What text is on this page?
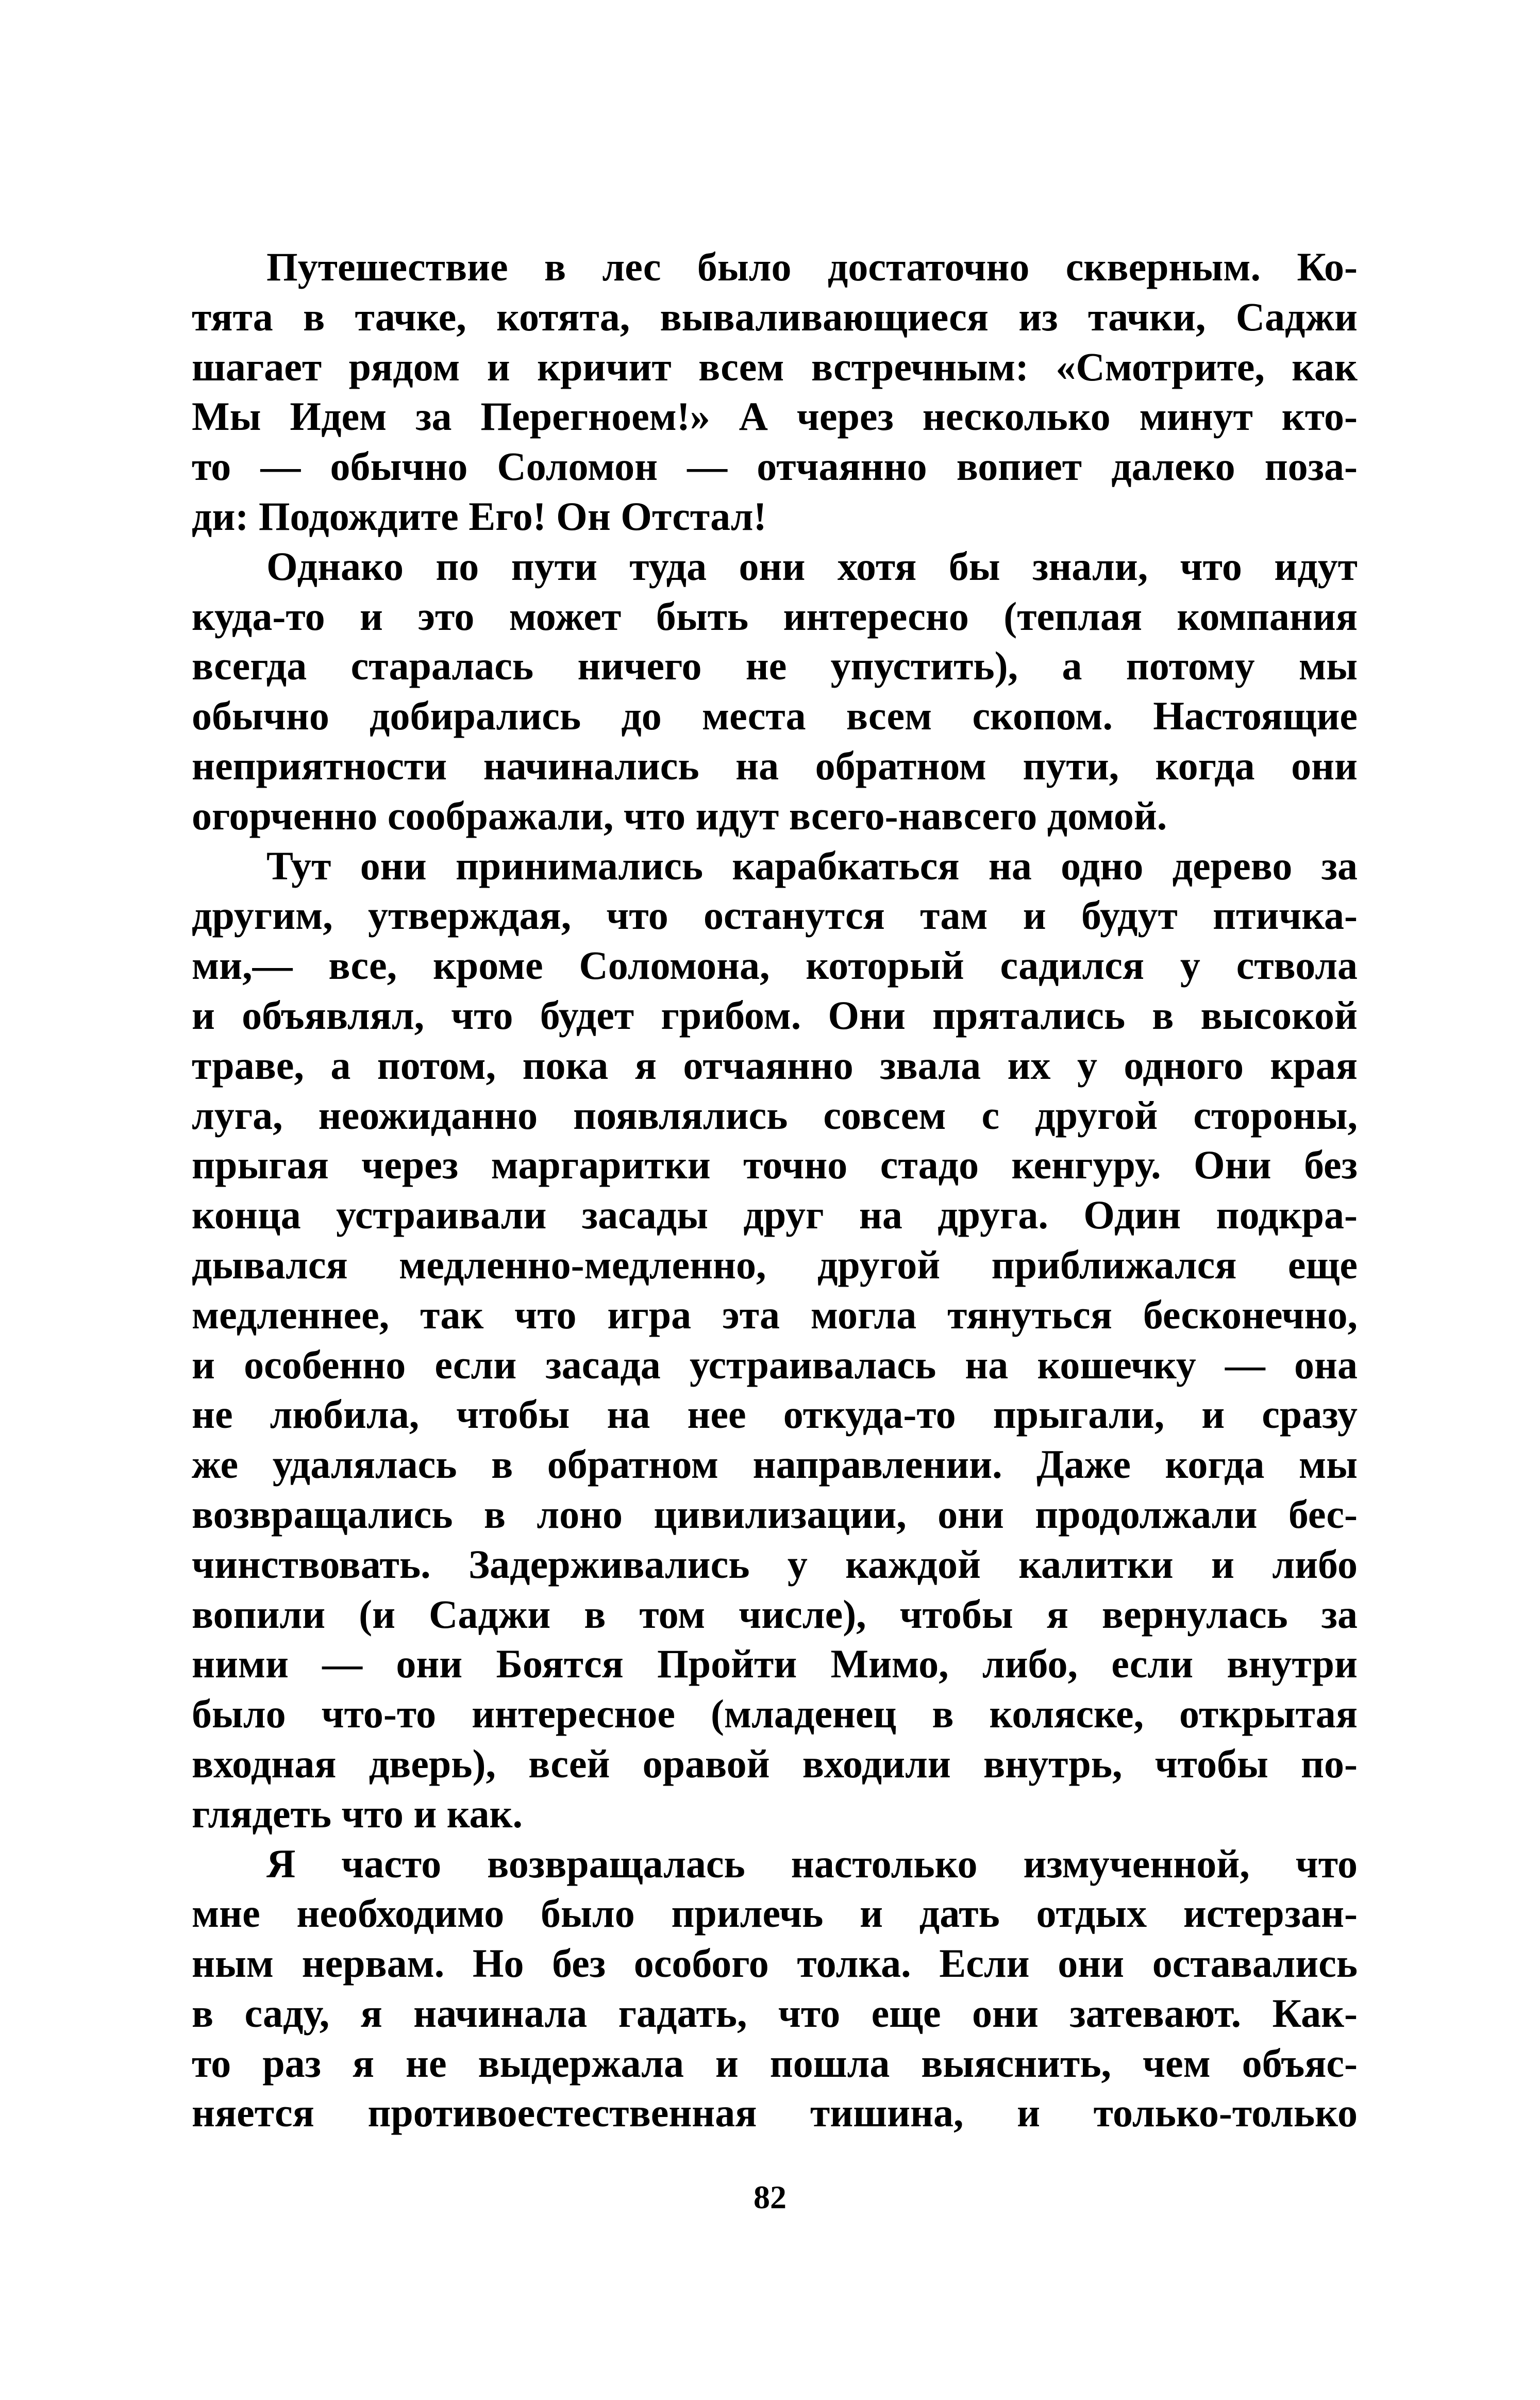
Путешествие в лес было достаточно скверным. Ко-
тята в тачке, котята, вываливающиеся из тачки, Саджи
шагает рядом и кричит всем встречным: «Смотрите, как
Мы Идем за Перегноем!» А через несколько минут кто-
то — обычно Соломон — отчаянно вопиет далеко поза-
ди: Подождите Его! Он Отстал!
Однако по пути туда они хотя бы знали, что идут
куда-то и это может быть интересно (теплая компания
всегда старалась ничего не упустить), а потому мы
обычно добирались до места всем скопом. Настоящие
неприятности начинались на обратном пути, когда они
огорченно соображали, что идут всего-навсего домой.
Тут они принимались карабкаться на одно дерево за
другим, утверждая, что останутся там и будут птичка-
ми,— все, кроме Соломона, который садился у ствола
и объявлял, что будет грибом. Они прятались в высокой
траве, а потом, пока я отчаянно звала их у одного края
луга, неожиданно появлялись совсем с другой стороны,
прыгая через маргаритки точно стадо кенгуру. Они без
конца устраивали засады друг на друга. Один подкра-
дывался медленно-медленно, другой приближался еще
медленнее, так что игра эта могла тянуться бесконечно,
и особенно если засада устраивалась на кошечку — она
не любила, чтобы на нее откуда-то прыгали, и сразу
же удалялась в обратном направлении. Даже когда мы
возвращались в лоно цивилизации, они продолжали бес-
чинствовать. Задерживались у каждой калитки и либо
вопили (и Саджи в том числе), чтобы я вернулась за
ними — они Боятся Пройти Мимо, либо, если внутри
было что-то интересное (младенец в коляске, открытая
входная дверь), всей оравой входили внутрь, чтобы по-
глядеть что и как.
Я часто возвращалась настолько измученной, что
мне необходимо было прилечь и дать отдых истерзан-
ным нервам. Но без особого толка. Если они оставались
в саду, я начинала гадать, что еще они затевают. Как-
то раз я не выдержала и пошла выяснить, чем объяс-
няется противоестественная тишина, и только-только
82
